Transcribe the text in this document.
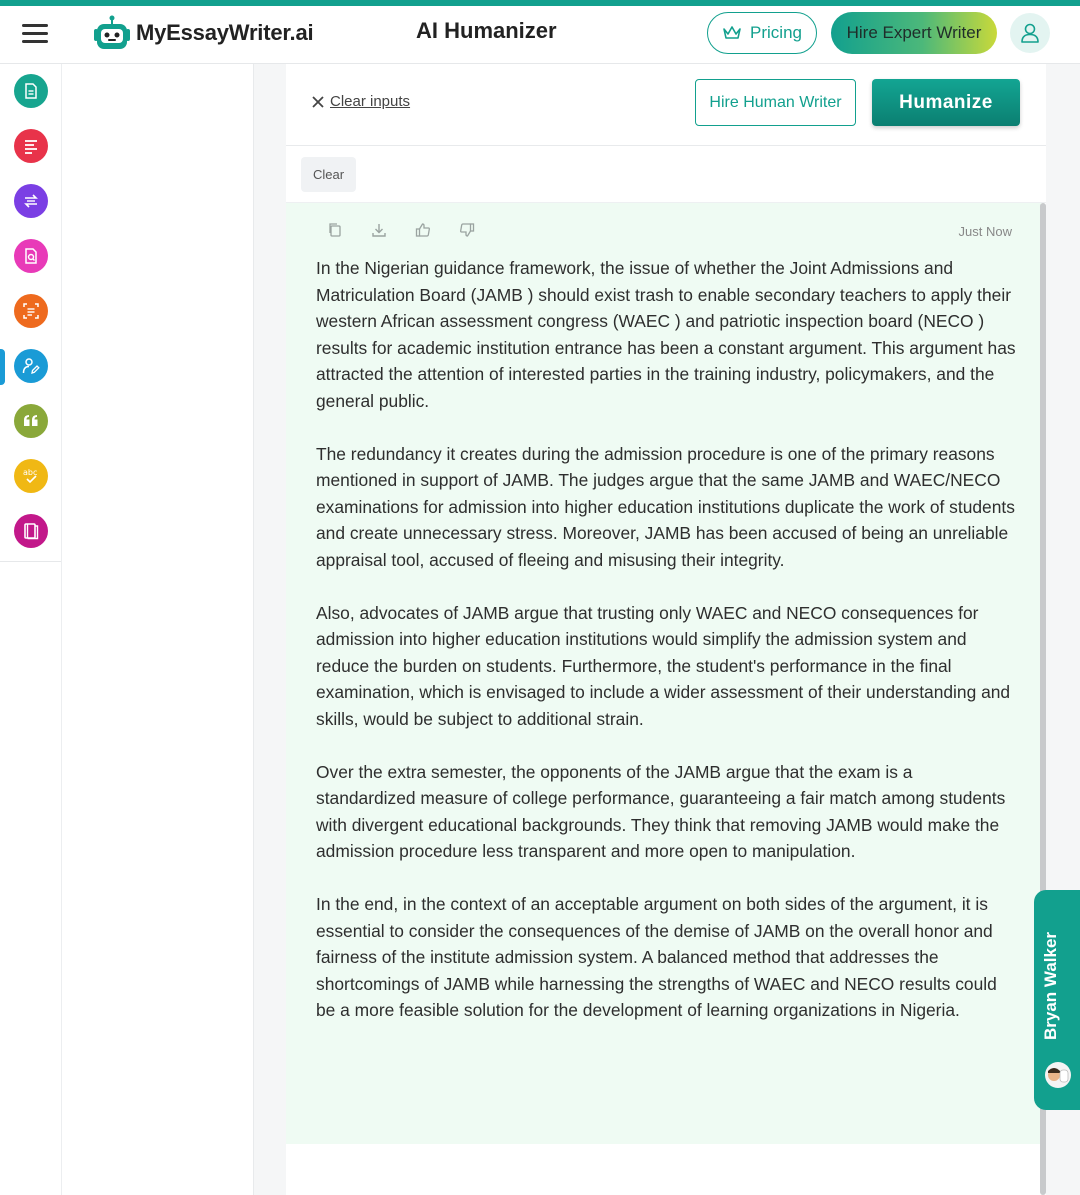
MyEssayWriter.ai	AI Humanizer	Pricing	Hire Expert Writer
abc
Clear inputs	Hire Human Writer	Humanize
Clear
Just Now

In the Nigerian guidance framework, the issue of whether the Joint Admissions and Matriculation Board (JAMB ) should exist trash to enable secondary teachers to apply their western African assessment congress (WAEC ) and patriotic inspection board (NECO ) results for academic institution entrance has been a constant argument. This argument has attracted the attention of interested parties in the training industry, policymakers, and the general public.

The redundancy it creates during the admission procedure is one of the primary reasons mentioned in support of JAMB. The judges argue that the same JAMB and WAEC/NECO examinations for admission into higher education institutions duplicate the work of students and create unnecessary stress. Moreover, JAMB has been accused of being an unreliable appraisal tool, accused of fleeing and misusing their integrity.

Also, advocates of JAMB argue that trusting only WAEC and NECO consequences for admission into higher education institutions would simplify the admission system and reduce the burden on students. Furthermore, the student's performance in the final examination, which is envisaged to include a wider assessment of their understanding and skills, would be subject to additional strain.

Over the extra semester, the opponents of the JAMB argue that the exam is a standardized measure of college performance, guaranteeing a fair match among students with divergent educational backgrounds. They think that removing JAMB would make the admission procedure less transparent and more open to manipulation.

In the end, in the context of an acceptable argument on both sides of the argument, it is essential to consider the consequences of the demise of JAMB on the overall honor and fairness of the institute admission system. A balanced method that addresses the shortcomings of JAMB while harnessing the strengths of WAEC and NECO results could be a more feasible solution for the development of learning organizations in Nigeria.	Bryan Walker
